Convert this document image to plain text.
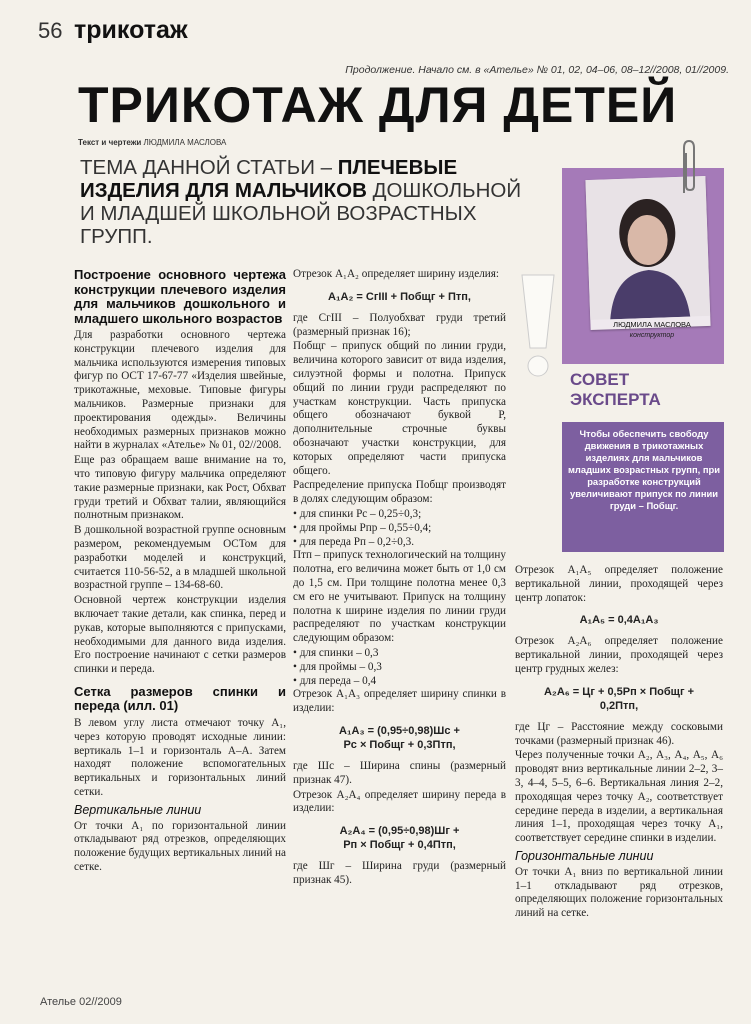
56 трикотаж
Продолжение. Начало см. в «Ателье» № 01, 02, 04–06, 08–12//2008, 01//2009.
ТРИКОТАЖ ДЛЯ ДЕТЕЙ
Текст и чертежи ЛЮДМИЛА МАСЛОВА
ТЕМА ДАННОЙ СТАТЬИ – ПЛЕЧЕВЫЕ ИЗДЕЛИЯ ДЛЯ МАЛЬЧИКОВ ДОШКОЛЬНОЙ И МЛАДШЕЙ ШКОЛЬНОЙ ВОЗРАСТНЫХ ГРУПП.
ЛЮДМИЛА МАСЛОВА
конструктор
СОВЕТ
ЭКСПЕРТА
Чтобы обеспечить свободу движения в трикотажных изделиях для мальчиков младших возрастных групп, при разработке конструкций увеличивают припуск по линии груди – Побщг.
Построение основного чертежа конструкции плечевого изделия для мальчиков дошкольного и младшего школьного возрастов

Для разработки основного чертежа конструкции плечевого изделия для мальчика используются измерения типовых фигур по ОСТ 17-67-77 «Изделия швейные, трикотажные, меховые. Типовые фигуры мальчиков. Размерные признаки для проектирования одежды». Величины необходимых размерных признаков можно найти в журналах «Ателье» № 01, 02//2008.

Еще раз обращаем ваше внимание на то, что типовую фигуру мальчика определяют такие размерные признаки, как Рост, Обхват груди третий и Обхват талии, являющийся полнотным признаком.

В дошкольной возрастной группе основным размером, рекомендуемым ОСТом для разработки моделей и конструкций, считается 110-56-52, а в младшей школьной возрастной группе – 134-68-60.

Основной чертеж конструкции изделия включает такие детали, как спинка, перед и рукав, которые выполняются с припусками, необходимыми для данного вида изделия. Его построение начинают с сетки размеров спинки и переда.

Сетка размеров спинки и переда (илл. 01)

В левом углу листа отмечают точку А₁, через которую проводят исходные линии: вертикаль 1–1 и горизонталь А–А. Затем находят положение вспомогательных вертикальных и горизонтальных линий сетки.

Вертикальные линии

От точки А₁ по горизонтальной линии откладывают ряд отрезков, определяющих положение будущих вертикальных линий на сетке.

Отрезок А₁А₂ определяет ширину изделия:

А₁А₂ = СгIII + Побщг + Птп,

где СгIII – Полуобхват груди третий (размерный признак 16);

Побщг – припуск общий по линии груди, величина которого зависит от вида изделия, силуэтной формы и полотна. Припуск общий по линии груди распределяют по участкам конструкции. Часть припуска общего обозначают буквой Р, дополнительные строчные буквы обозначают участки конструкции, для которых определяют части припуска общего.

Распределение припуска Побщг производят в долях следующим образом:

• для спинки Рс – 0,25÷0,3;
• для проймы Рпр – 0,55÷0,4;
• для переда Рп – 0,2÷0,3.

Птп – припуск технологический на толщину полотна, его величина может быть от 1,0 см до 1,5 см. При толщине полотна менее 0,3 см его не учитывают. Припуск на толщину полотна к ширине изделия по линии груди распределяют по участкам конструкции следующим образом:

• для спинки – 0,3
• для проймы – 0,3
• для переда – 0,4

Отрезок А₁А₃ определяет ширину спинки в изделии:

А₁А₃ = (0,95÷0,98)Шс +
Рс × Побщг + 0,3Птп,

где Шс – Ширина спины (размерный признак 47).

Отрезок А₂А₄ определяет ширину переда в изделии:

А₂А₄ = (0,95÷0,98)Шг +
Рп × Побщг + 0,4Птп,

где Шг – Ширина груди (размерный признак 45).

Отрезок А₁А₅ определяет положение вертикальной линии, проходящей через центр лопаток:

А₁А₅ = 0,4А₁А₃

Отрезок А₂А₆ определяет положение вертикальной линии, проходящей через центр грудных желез:

А₂А₆ = Цг + 0,5Рп × Побщг +
0,2Птп,

где Цг – Расстояние между сосковыми точками (размерный признак 46).

Через полученные точки А₂, А₃, А₄, А₅, А₆ проводят вниз вертикальные линии 2–2, 3–3, 4–4, 5–5, 6–6. Вертикальная линия 2–2, проходящая через точку А₂, соответствует середине переда в изделии, а вертикальная линия 1–1, проходящая через точку А₁, соответствует середине спинки в изделии.

Горизонтальные линии

От точки А₁ вниз по вертикальной линии 1–1 откладывают ряд отрезков, определяющих положение горизонтальных линий на сетке.

Ателье 02//2009
